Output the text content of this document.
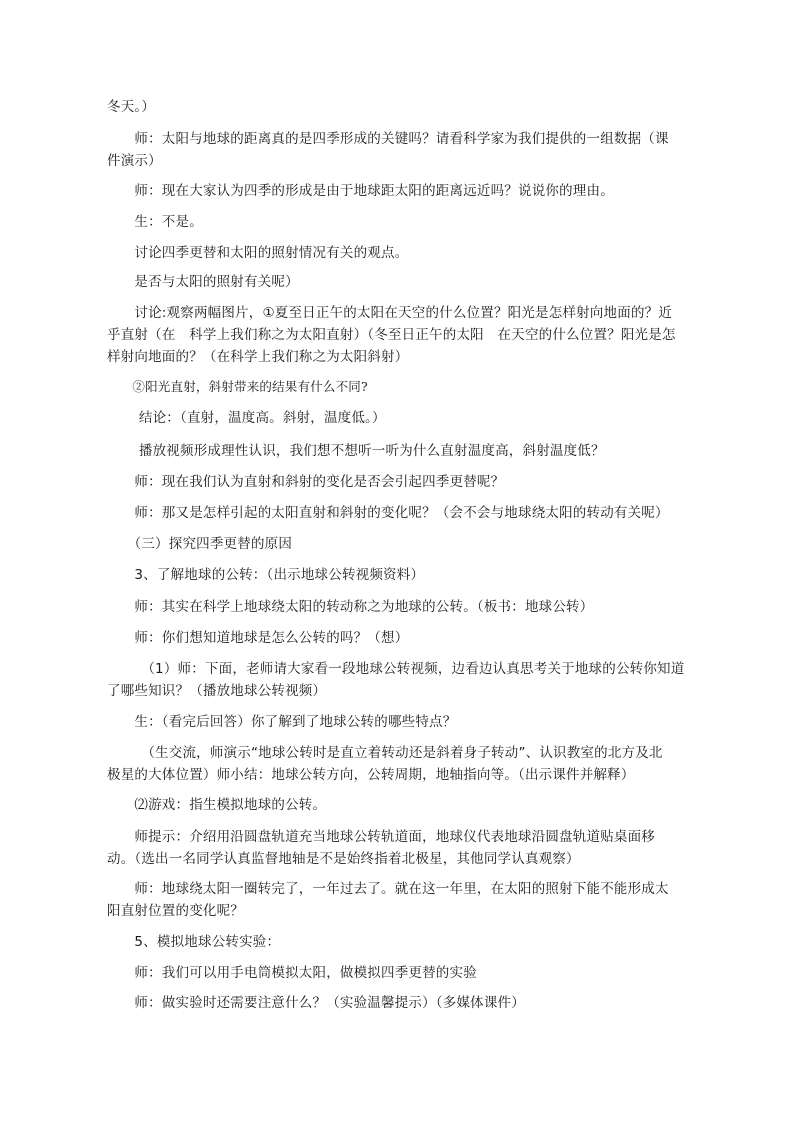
冬天。）
　　师：太阳与地球的距离真的是四季形成的关键吗？请看科学家为我们提供的一组数据（课
件演示）
　　师：现在大家认为四季的形成是由于地球距太阳的距离远近吗？说说你的理由。
　　生：不是。
　　讨论四季更替和太阳的照射情况有关的观点。
　　是否与太阳的照射有关呢）
　　讨论:观察两幅图片，①夏至日正午的太阳在天空的什么位置？阳光是怎样射向地面的？近
乎直射（在　科学上我们称之为太阳直射）（冬至日正午的太阳　在天空的什么位置？阳光是怎
样射向地面的？（在科学上我们称之为太阳斜射）
　　②阳光直射，斜射带来的结果有什么不同?
　　 结论：（直射，温度高。斜射，温度低。）
　　 播放视频形成理性认识，我们想不想听一听为什么直射温度高，斜射温度低？
　　师：现在我们认为直射和斜射的变化是否会引起四季更替呢？
　　师：那又是怎样引起的太阳直射和斜射的变化呢？（会不会与地球绕太阳的转动有关呢）
　　（三）探究四季更替的原因
　　3、了解地球的公转：（出示地球公转视频资料）
　　师：其实在科学上地球绕太阳的转动称之为地球的公转。（板书：地球公转）
　　师：你们想知道地球是怎么公转的吗？（想）
　　　（1）师：下面，老师请大家看一段地球公转视频，边看边认真思考关于地球的公转你知道
了哪些知识？（播放地球公转视频）
　　生：（看完后回答）你了解到了地球公转的哪些特点？
　　　（生交流，师演示“地球公转时是直立着转动还是斜着身子转动”、认识教室的北方及北
极星的大体位置）师小结：地球公转方向，公转周期，地轴指向等。（出示课件并解释）
　　⑵游戏：指生模拟地球的公转。
　　师提示：介绍用沿圆盘轨道充当地球公转轨道面，地球仪代表地球沿圆盘轨道贴桌面移
动。（选出一名同学认真监督地轴是不是始终指着北极星，其他同学认真观察）
　　师：地球绕太阳一圈转完了，一年过去了。就在这一年里，在太阳的照射下能不能形成太
阳直射位置的变化呢？
　　5、模拟地球公转实验：
　　师：我们可以用手电筒模拟太阳，做模拟四季更替的实验
　　师：做实验时还需要注意什么？（实验温馨提示）（多媒体课件）
